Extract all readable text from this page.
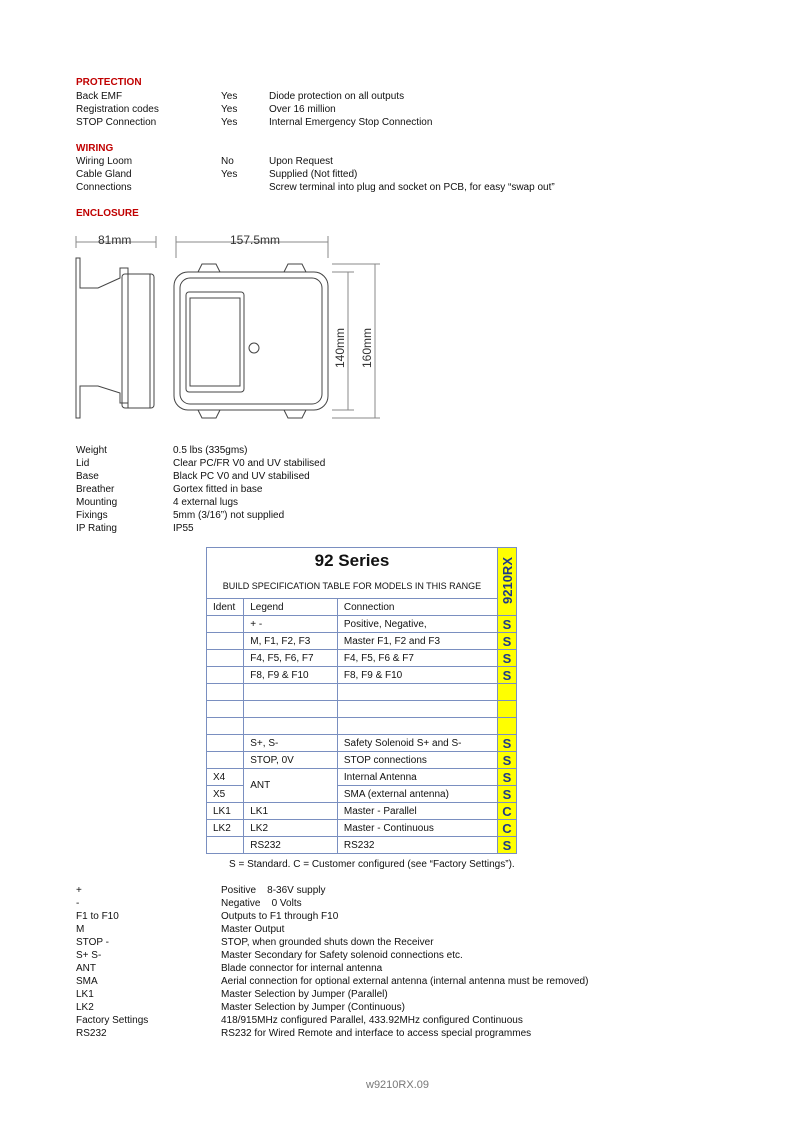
PROTECTION
Back EMF	Yes	Diode protection on all outputs
Registration codes	Yes	Over 16 million
STOP Connection	Yes	Internal Emergency Stop Connection
WIRING
Wiring Loom	No	Upon Request
Cable Gland	Yes	Supplied (Not fitted)
Connections	Screw terminal into plug and socket on PCB, for easy “swap out”
ENCLOSURE
81mm	157.5mm
140mm 160mm
Weight	0.5 lbs (335gms)
Lid	Clear PC/FR V0 and UV stabilised
Base	Black PC V0 and UV stabilised
Breather	Gortex fitted in base
Mounting	4 external lugs
Fixings	5mm (3/16”) not supplied
IP Rating	IP55
92 Series			9210RX
BUILD SPECIFICATION TABLE FOR MODELS IN THIS RANGE			
Ident	Legend	Connection	
	+ -	Positive, Negative,	S
	M, F1, F2, F3	Master F1, F2 and F3	S
	F4, F5, F6, F7	F4, F5, F6 & F7	S
	F8, F9 & F10	F8, F9 & F10	S

	S+, S-	Safety Solenoid S+ and S-	S
	STOP, 0V	STOP connections	S
X4	ANT	Internal Antenna	S
X5		SMA (external antenna)	S
LK1	LK1	Master - Parallel	C
LK2	LK2	Master - Continuous	C
	RS232	RS232	S
S = Standard. C = Customer configured (see “Factory Settings”).
+	Positive    8-36V supply
-	Negative    0 Volts
F1 to F10	Outputs to F1 through F10
M	Master Output
STOP -	STOP, when grounded shuts down the Receiver
S+ S-	Master Secondary for Safety solenoid connections etc.
ANT	Blade connector for internal antenna
SMA	Aerial connection for optional external antenna (internal antenna must be removed)
LK1	Master Selection by Jumper (Parallel)
LK2	Master Selection by Jumper (Continuous)
Factory Settings	418/915MHz configured Parallel, 433.92MHz configured Continuous
RS232	RS232 for Wired Remote and interface to access special programmes
w9210RX.09
